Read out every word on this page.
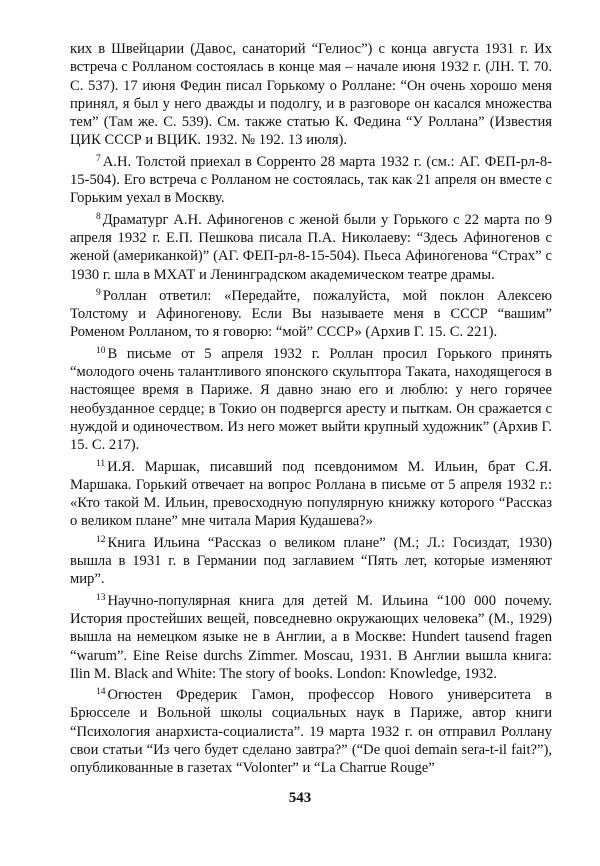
ких в Швейцарии (Давос, санаторий “Гелиос”) с конца августа 1931 г. Их встреча с Ролланом состоялась в конце мая – начале июня 1932 г. (ЛН. Т. 70. С. 537). 17 июня Федин писал Горькому о Роллане: “Он очень хорошо меня принял, я был у него дважды и подолгу, и в разговоре он касался множества тем” (Там же. С. 539). См. также статью К. Федина “У Роллана” (Известия ЦИК СССР и ВЦИК. 1932. № 192. 13 июля).

$^7$ А.Н. Толстой приехал в Сорренто 28 марта 1932 г. (см.: АГ. ФЕП-рл-8-15-504). Его встреча с Ролланом не состоялась, так как 21 апреля он вместе с Горьким уехал в Москву.

$^8$ Драматург А.Н. Афиногенов с женой были у Горького с 22 марта по 9 апреля 1932 г. Е.П. Пешкова писала П.А. Николаеву: “Здесь Афиногенов с женой (американкой)” (АГ. ФЕП-рл-8-15-504). Пьеса Афиногенова “Страх” с 1930 г. шла в МХАТ и Ленинградском академическом театре драмы.

$^9$ Роллан ответил: «Передайте, пожалуйста, мой поклон Алексею Толстому и Афиногенову. Если Вы называете меня в СССР “вашим” Роменом Ролланом, то я говорю: “мой” СССР» (Архив Г. 15. С. 221).

$^{10}$ В письме от 5 апреля 1932 г. Роллан просил Горького принять “молодого очень талантливого японского скульптора Таката, находящегося в настоящее время в Париже. Я давно знаю его и люблю: у него горячее необузданное сердце; в Токио он подвергся аресту и пыткам. Он сражается с нуждой и одиночеством. Из него может выйти крупный художник” (Архив Г. 15. С. 217).

$^{11}$ И.Я. Маршак, писавший под псевдонимом М. Ильин, брат С.Я. Маршака. Горький отвечает на вопрос Роллана в письме от 5 апреля 1932 г.: «Кто такой М. Ильин, превосходную популярную книжку которого “Рассказ о великом плане” мне читала Мария Кудашева?»

$^{12}$ Книга Ильина “Рассказ о великом плане” (М.; Л.: Госиздат, 1930) вышла в 1931 г. в Германии под заглавием “Пять лет, которые изменяют мир”.

$^{13}$ Научно-популярная книга для детей М. Ильина “100 000 почему. История простейших вещей, повседневно окружающих человека” (М., 1929) вышла на немецком языке не в Англии, а в Москве: Hundert tausend fragen “warum”. Eine Reise durchs Zimmer. Moscau, 1931. В Англии вышла книга: Ilin M. Black and White: The story of books. London: Knowledge, 1932.

$^{14}$ Огюстен Фредерик Гамон, профессор Нового университета в Брюсселе и Вольной школы социальных наук в Париже, автор книги “Психология анархиста-социалиста”. 19 марта 1932 г. он отправил Роллану свои статьи “Из чего будет сделано завтра?” (“De quoi demain sera-t-il fait?”), опубликованные в газетах “Volonter” и “La Charrue Rouge”

543
